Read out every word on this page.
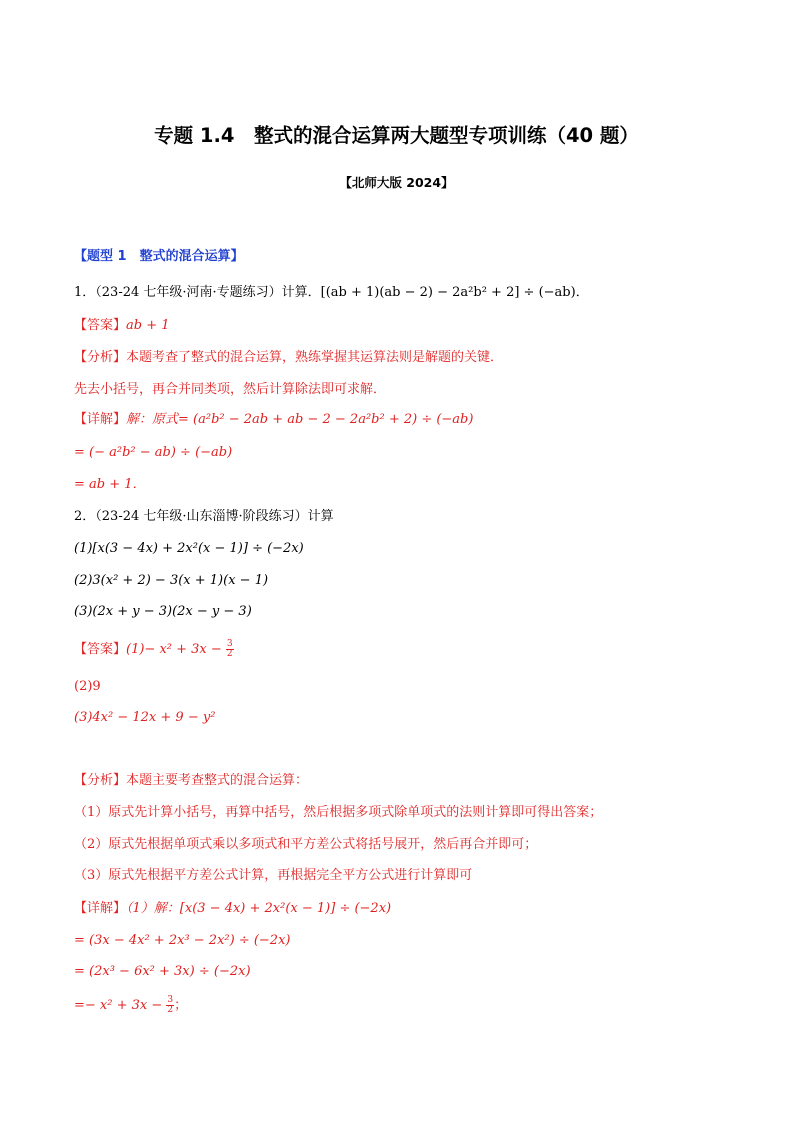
专题 1.4　整式的混合运算两大题型专项训练（40 题）
【北师大版 2024】
【题型 1　整式的混合运算】
1．（23-24 七年级·河南·专题练习）计算．[(ab + 1)(ab − 2) − 2a²b² + 2] ÷ (−ab)．
【答案】ab + 1
【分析】本题考查了整式的混合运算，熟练掌握其运算法则是解题的关键．
先去小括号，再合并同类项，然后计算除法即可求解．
【详解】解：原式= (a²b² − 2ab + ab − 2 − 2a²b² + 2) ÷ (−ab)
= (− a²b² − ab) ÷ (−ab)
= ab + 1．
2．（23-24 七年级·山东淄博·阶段练习）计算
(1)[x(3 − 4x) + 2x²(x − 1)] ÷ (−2x)
(2)3(x² + 2) − 3(x + 1)(x − 1)
(3)(2x + y − 3)(2x − y − 3)
【答案】$(1)- x^2 + 3x - \frac{3}{2}$
(2)9
(3)4x² − 12x + 9 − y²
【分析】本题主要考查整式的混合运算：
（1）原式先计算小括号，再算中括号，然后根据多项式除单项式的法则计算即可得出答案；
（2）原式先根据单项式乘以多项式和平方差公式将括号展开，然后再合并即可；
（3）原式先根据平方差公式计算，再根据完全平方公式进行计算即可
【详解】（1）解：[x(3 − 4x) + 2x²(x − 1)] ÷ (−2x)
= (3x − 4x² + 2x³ − 2x²) ÷ (−2x)
= (2x³ − 6x² + 3x) ÷ (−2x)
=− $x^2 + 3x - \frac{3}{2}$ ；
